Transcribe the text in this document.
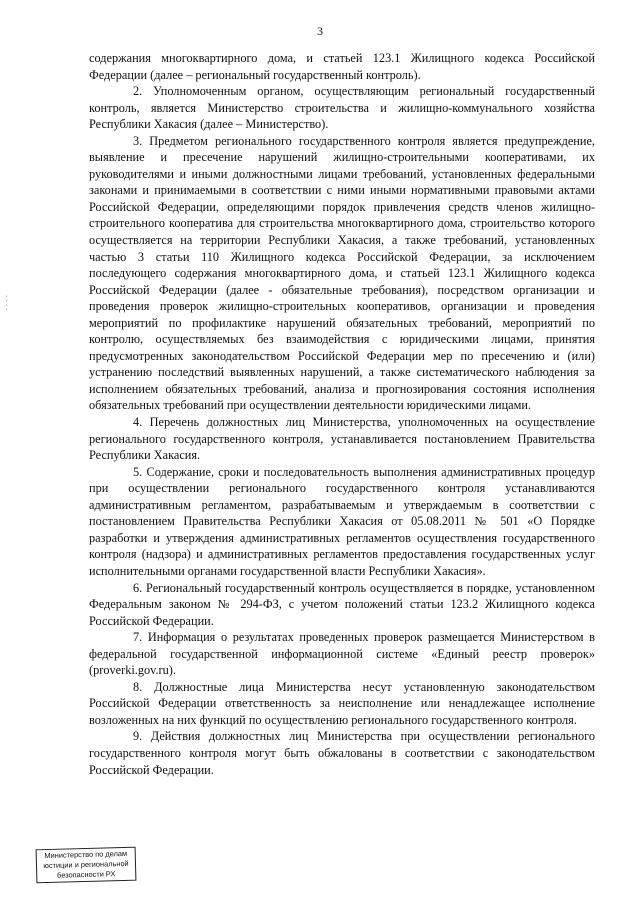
3
. . . .

содержания многоквартирного дома, и статьей 123.1 Жилищного кодекса Российской Федерации (далее – региональный государственный контроль).

2. Уполномоченным органом, осуществляющим региональный государственный контроль, является Министерство строительства и жилищно-коммунального хозяйства Республики Хакасия (далее – Министерство).

3. Предметом регионального государственного контроля является предупреждение, выявление и пресечение нарушений жилищно-строительными кооперативами, их руководителями и иными должностными лицами требований, установленных федеральными законами и принимаемыми в соответствии с ними иными нормативными правовыми актами Российской Федерации, определяющими порядок привлечения средств членов жилищно-строительного кооператива для строительства многоквартирного дома, строительство которого осуществляется на территории Республики Хакасия, а также требований, установленных частью 3 статьи 110 Жилищного кодекса Российской Федерации, за исключением последующего содержания многоквартирного дома, и статьей 123.1 Жилищного кодекса Российской Федерации (далее - обязательные требования), посредством организации и проведения проверок жилищно-строительных кооперативов, организации и проведения мероприятий по профилактике нарушений обязательных требований, мероприятий по контролю, осуществляемых без взаимодействия с юридическими лицами, принятия предусмотренных законодательством Российской Федерации мер по пресечению и (или) устранению последствий выявленных нарушений, а также систематического наблюдения за исполнением обязательных требований, анализа и прогнозирования состояния исполнения обязательных требований при осуществлении деятельности юридическими лицами.

4. Перечень должностных лиц Министерства, уполномоченных на осуществление регионального государственного контроля, устанавливается постановлением Правительства Республики Хакасия.

5. Содержание, сроки и последовательность выполнения административных процедур при осуществлении регионального государственного контроля устанавливаются административным регламентом, разрабатываемым и утверждаемым в соответствии с постановлением Правительства Республики Хакасия от 05.08.2011 № 501 «О Порядке разработки и утверждения административных регламентов осуществления государственного контроля (надзора) и административных регламентов предоставления государственных услуг исполнительными органами государственной власти Республики Хакасия».

6. Региональный государственный контроль осуществляется в порядке, установленном Федеральным законом № 294-ФЗ, с учетом положений статьи 123.2 Жилищного кодекса Российской Федерации.

7. Информация о результатах проведенных проверок размещается Министерством в федеральной государственной информационной системе «Единый реестр проверок» (proverki.gov.ru).

8. Должностные лица Министерства несут установленную законодательством Российской Федерации ответственность за неисполнение или ненадлежащее исполнение возложенных на них функций по осуществлению регионального государственного контроля.

9. Действия должностных лиц Министерства при осуществлении регионального государственного контроля могут быть обжалованы в соответствии с законодательством Российской Федерации.

Министерство по делам
юстиции и региональной
безопасности РХ
